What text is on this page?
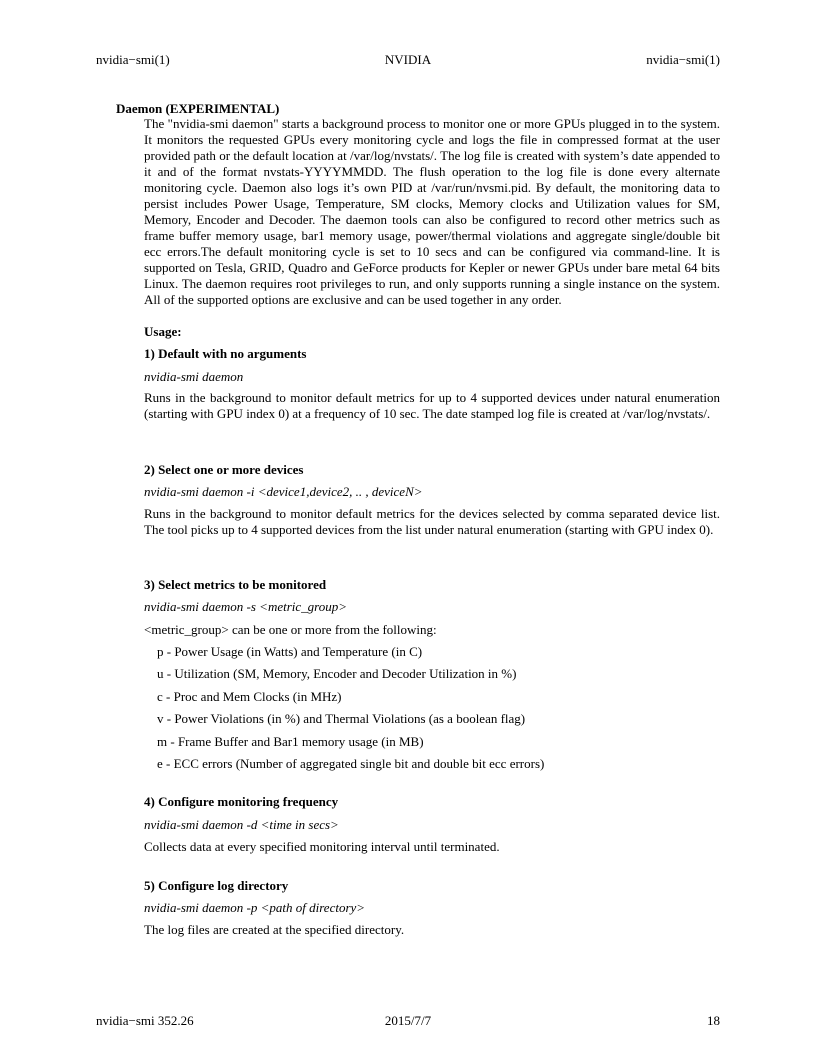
nvidia−smi(1)	NVIDIA	nvidia−smi(1)
Daemon (EXPERIMENTAL)

The "nvidia-smi daemon" starts a background process to monitor one or more GPUs plugged in to the system. It monitors the requested GPUs every monitoring cycle and logs the file in compressed format at the user provided path or the default location at /var/log/nvstats/. The log file is created with system’s date appended to it and of the format nvstats-YYYYMMDD. The flush operation to the log file is done every alternate monitoring cycle. Daemon also logs it’s own PID at /var/run/nvsmi.pid. By default, the monitoring data to persist includes Power Usage, Temperature, SM clocks, Memory clocks and Utilization values for SM, Memory, Encoder and Decoder. The daemon tools can also be configured to record other metrics such as frame buffer memory usage, bar1 memory usage, power/thermal violations and aggregate single/double bit ecc errors.The default monitoring cycle is set to 10 secs and can be configured via command-line. It is supported on Tesla, GRID, Quadro and GeForce products for Kepler or newer GPUs under bare metal 64 bits Linux. The daemon requires root privileges to run, and only supports running a single instance on the system. All of the supported options are exclusive and can be used together in any order.

Usage:
1) Default with no arguments
nvidia-smi daemon

Runs in the background to monitor default metrics for up to 4 supported devices under natural enumeration (starting with GPU index 0) at a frequency of 10 sec. The date stamped log file is created at /var/log/nvstats/.

2) Select one or more devices
nvidia-smi daemon -i <device1,device2, .. , deviceN>

Runs in the background to monitor default metrics for the devices selected by comma separated device list. The tool picks up to 4 supported devices from the list under natural enumeration (starting with GPU index 0).

3) Select metrics to be monitored
nvidia-smi daemon -s <metric_group>
<metric_group> can be one or more from the following:
p - Power Usage (in Watts) and Temperature (in C)
u - Utilization (SM, Memory, Encoder and Decoder Utilization in %)
c - Proc and Mem Clocks (in MHz)
v - Power Violations (in %) and Thermal Violations (as a boolean flag)
m - Frame Buffer and Bar1 memory usage (in MB)
e - ECC errors (Number of aggregated single bit and double bit ecc errors)
4) Configure monitoring frequency
nvidia-smi daemon -d <time in secs>
Collects data at every specified monitoring interval until terminated.
5) Configure log directory
nvidia-smi daemon -p <path of directory>
The log files are created at the specified directory.
nvidia−smi 352.26	2015/7/7	18
